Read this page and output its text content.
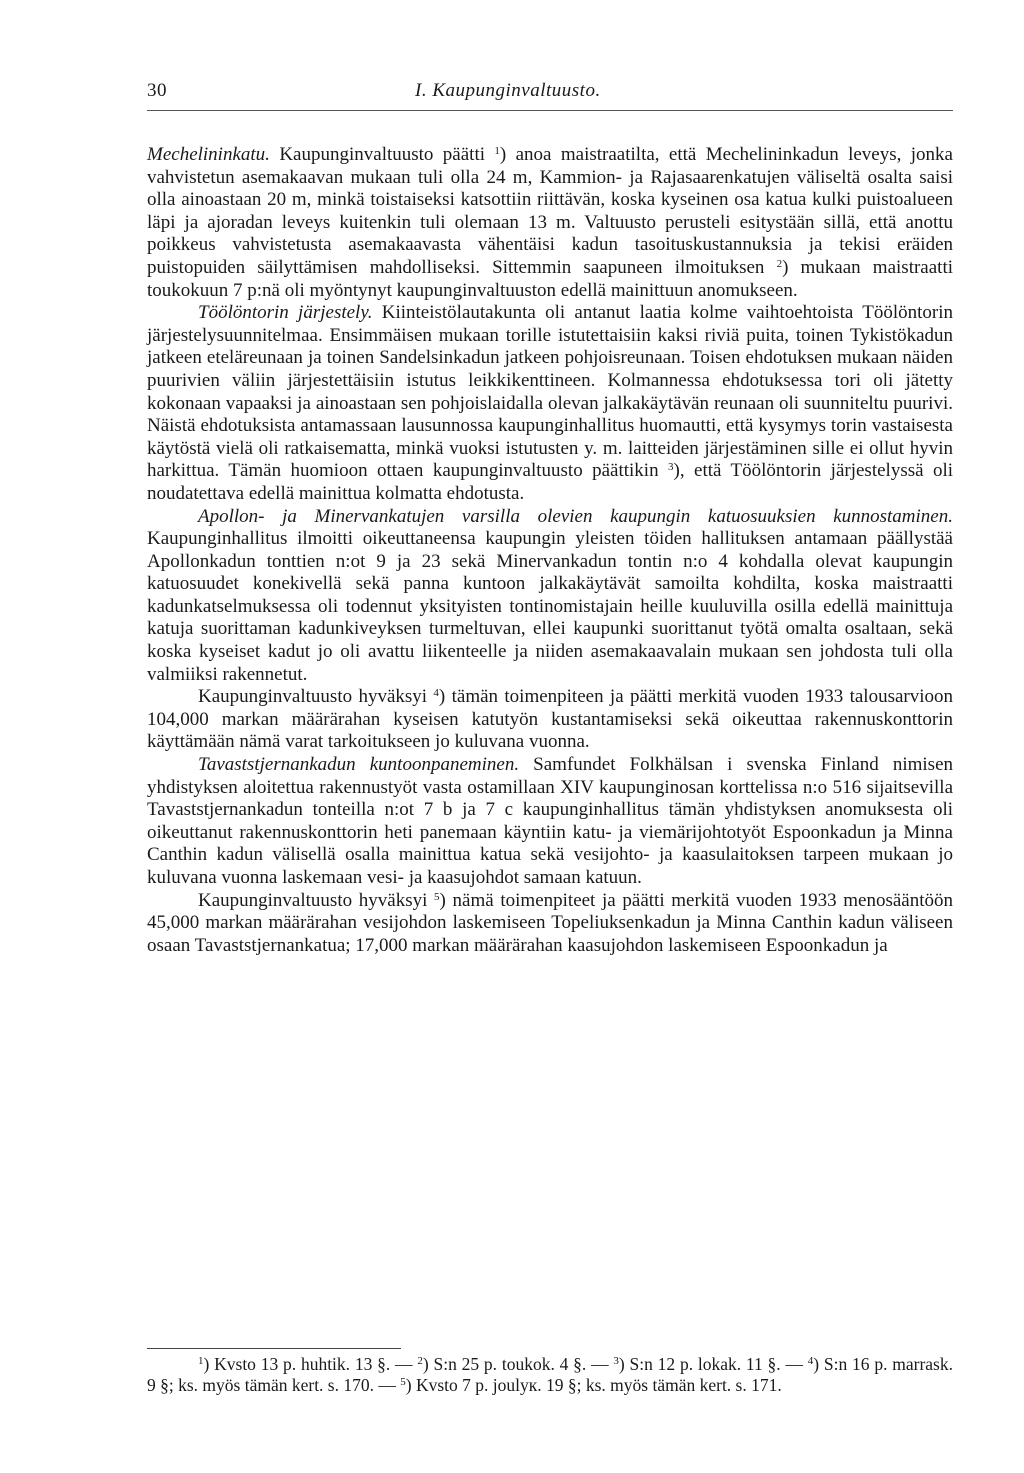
30	I. Kaupunginvaltuusto.

Mechelininkatu. Kaupunginvaltuusto päätti $^1$) anoa maistraatilta, että Mechelininkadun leveys, jonka vahvistetun asemakaavan mukaan tuli olla 24 m, Kammion- ja Rajasaarenkatujen väliseltä osalta saisi olla ainoastaan 20 m, minkä toistaiseksi katsottiin riittävän, koska kyseinen osa katua kulki puistoalueen läpi ja ajoradan leveys kuitenkin tuli olemaan 13 m. Valtuusto perusteli esitystään sillä, että anottu poikkeus vahvistetusta asemakaavasta vähentäisi kadun tasoituskustannuksia ja tekisi eräiden puistopuiden säilyttämisen mahdolliseksi. Sittemmin saapuneen ilmoituksen $^2$) mukaan maistraatti toukokuun 7 p:nä oli myöntynyt kaupunginvaltuuston edellä mainittuun anomukseen.

Töölöntorin järjestely. Kiinteistölautakunta oli antanut laatia kolme vaihtoehtoista Töölöntorin järjestelysuunnitelmaa. Ensimmäisen mukaan torille istutettaisiin kaksi riviä puita, toinen Tykistökadun jatkeen eteläreunaan ja toinen Sandelsinkadun jatkeen pohjoisreunaan. Toisen ehdotuksen mukaan näiden puurivien väliin järjestettäisiin istutus leikkikenttineen. Kolmannessa ehdotuksessa tori oli jätetty kokonaan vapaaksi ja ainoastaan sen pohjoislaidalla olevan jalkakäytävän reunaan oli suunniteltu puurivi. Näistä ehdotuksista antamassaan lausunnossa kaupunginhallitus huomautti, että kysymys torin vastaisesta käytöstä vielä oli ratkaisematta, minkä vuoksi istutusten y. m. laitteiden järjestäminen sille ei ollut hyvin harkittua. Tämän huomioon ottaen kaupunginvaltuusto päättikin $^3$), että Töölöntorin järjestelyssä oli noudatettava edellä mainittua kolmatta ehdotusta.

Apollon- ja Minervankatujen varsilla olevien kaupungin katuosuuksien kunnostaminen. Kaupunginhallitus ilmoitti oikeuttaneensa kaupungin yleisten töiden hallituksen antamaan päällystää Apollonkadun tonttien n:ot 9 ja 23 sekä Minervankadun tontin n:o 4 kohdalla olevat kaupungin katuosuudet konekivellä sekä panna kuntoon jalkakäytävät samoilta kohdilta, koska maistraatti kadunkatselmuksessa oli todennut yksityisten tontinomistajain heille kuuluvilla osilla edellä mainittuja katuja suorittaman kadunkiveyksen turmeltuvan, ellei kaupunki suorittanut työtä omalta osaltaan, sekä koska kyseiset kadut jo oli avattu liikenteelle ja niiden asemakaavalain mukaan sen johdosta tuli olla valmiiksi rakennetut.

Kaupunginvaltuusto hyväksyi $^4$) tämän toimenpiteen ja päätti merkitä vuoden 1933 talousarvioon 104,000 markan määrärahan kyseisen katutyön kustantamiseksi sekä oikeuttaa rakennuskonttorin käyttämään nämä varat tarkoitukseen jo kuluvana vuonna.

Tavaststjernankadun kuntoonpaneminen. Samfundet Folkhälsan i svenska Finland nimisen yhdistyksen aloitettua rakennustyöt vasta ostamillaan XIV kaupunginosan korttelissa n:o 516 sijaitsevilla Tavaststjernankadun tonteilla n:ot 7 b ja 7 c kaupunginhallitus tämän yhdistyksen anomuksesta oli oikeuttanut rakennuskonttorin heti panemaan käyntiin katu- ja viemärijohtotyöt Espoonkadun ja Minna Canthin kadun välisellä osalla mainittua katua sekä vesijohto- ja kaasulaitoksen tarpeen mukaan jo kuluvana vuonna laskemaan vesi- ja kaasujohdot samaan katuun.

Kaupunginvaltuusto hyväksyi $^5$) nämä toimenpiteet ja päätti merkitä vuoden 1933 menosääntöön 45,000 markan määrärahan vesijohdon laskemiseen Topeliuksenkadun ja Minna Canthin kadun väliseen osaan Tavaststjernankatua; 17,000 markan määrärahan kaasujohdon laskemiseen Espoonkadun ja

$^1$) Kvsto 13 p. huhtik. 13 §. — $^2$) S:n 25 p. toukok. 4 §. — $^3$) S:n 12 p. lokak. 11 §. — $^4$) S:n 16 p. marrask. 9 §; ks. myös tämän kert. s. 170. — $^5$) Kvsto 7 p. joulук. 19 §; ks. myös tämän kert. s. 171.
